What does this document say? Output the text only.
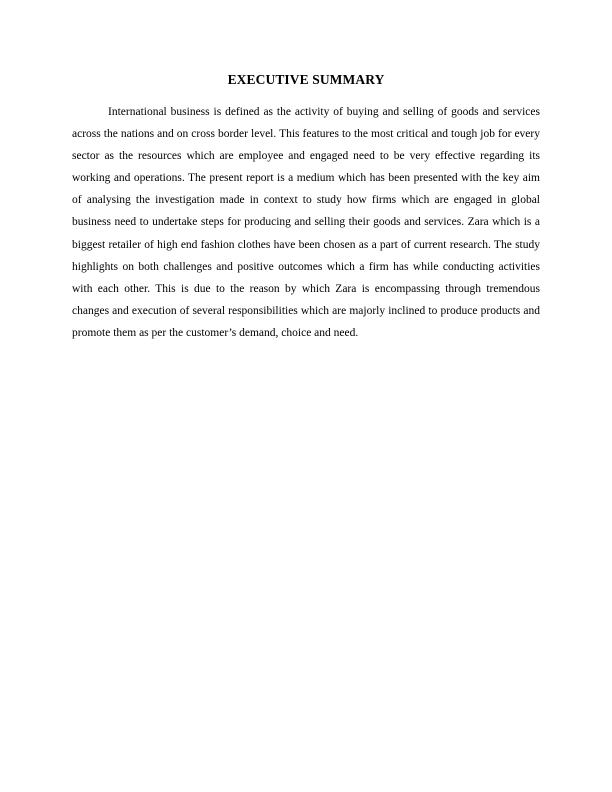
EXECUTIVE SUMMARY

International business is defined as the activity of buying and selling of goods and services across the nations and on cross border level. This features to the most critical and tough job for every sector as the resources which are employee and engaged need to be very effective regarding its working and operations. The present report is a medium which has been presented with the key aim of analysing the investigation made in context to study how firms which are engaged in global business need to undertake steps for producing and selling their goods and services. Zara which is a biggest retailer of high end fashion clothes have been chosen as a part of current research. The study highlights on both challenges and positive outcomes which a firm has while conducting activities with each other. This is due to the reason by which Zara is encompassing through tremendous changes and execution of several responsibilities which are majorly inclined to produce products and promote them as per the customer’s demand, choice and need.
